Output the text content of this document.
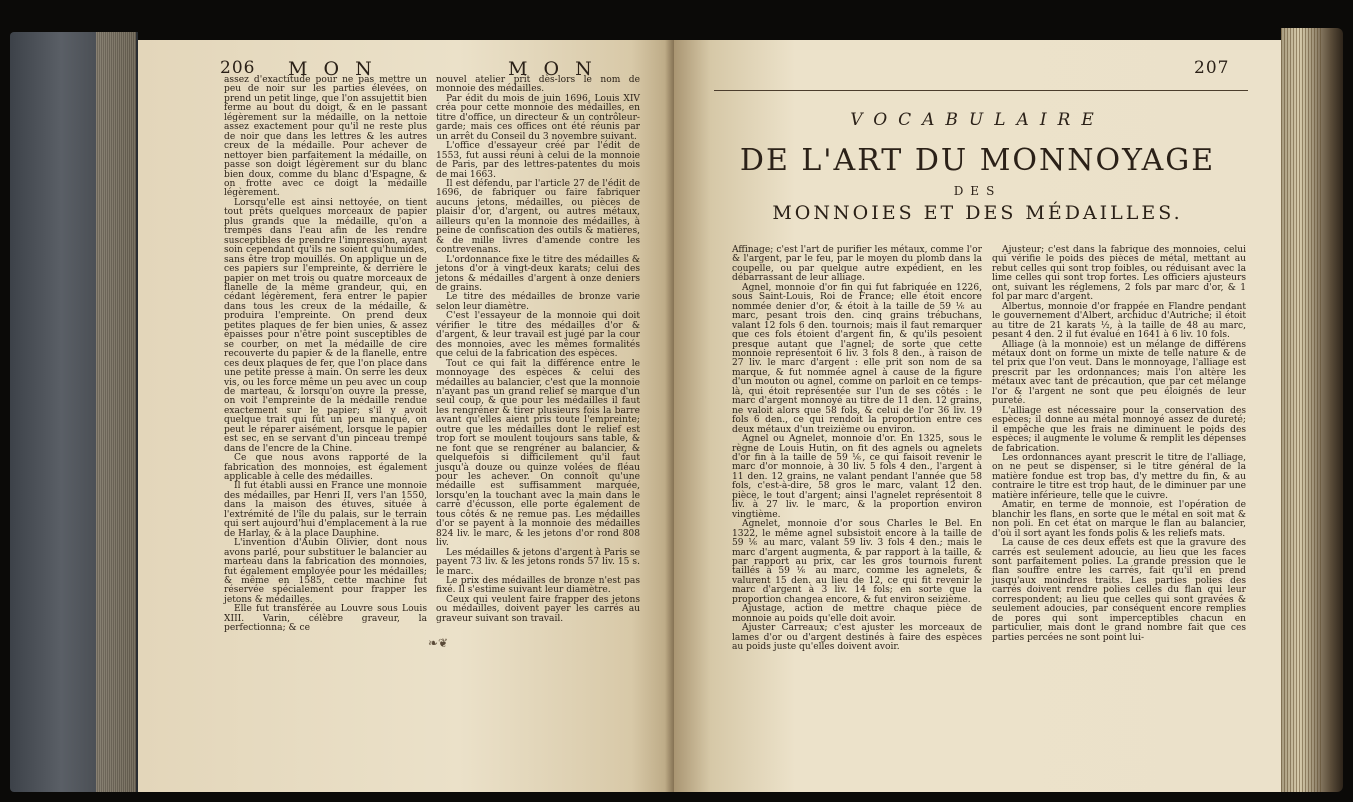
206 M O N	M O N

assez d'exactitude pour ne pas mettre un peu de noir sur les parties élevées, on prend un petit linge, que l'on assujettit bien ferme au bout du doigt, & en le passant légèrement sur la médaille, on la nettoie assez exactement pour qu'il ne reste plus de noir que dans les lettres & les autres creux de la médaille. Pour achever de nettoyer bien parfaitement la médaille, on passe son doigt légèrement sur du blanc bien doux, comme du blanc d'Espagne, & on frotte avec ce doigt la médaille légèrement.

Lorsqu'elle est ainsi nettoyée, on tient tout prêts quelques morceaux de papier plus grands que la médaille, qu'on a trempés dans l'eau afin de les rendre susceptibles de prendre l'impression, ayant soin cependant qu'ils ne soient qu'humides, sans être trop mouillés. On applique un de ces papiers sur l'empreinte, & derrière le papier on met trois ou quatre morceaux de flanelle de la même grandeur, qui, en cédant légèrement, fera entrer le papier dans tous les creux de la médaille, & produira l'empreinte. On prend deux petites plaques de fer bien unies, & assez épaisses pour n'être point susceptibles de se courber, on met la médaille de cire recouverte du papier & de la flanelle, entre ces deux plaques de fer, que l'on place dans une petite presse à main. On serre les deux vis, ou les force même un peu avec un coup de marteau, & lorsqu'on ouvre la presse, on voit l'empreinte de la médaille rendue exactement sur le papier; s'il y avoit quelque trait qui fût un peu manqué, on peut le réparer aisément, lorsque le papier est sec, en se servant d'un pinceau trempé dans de l'encre de la Chine.

Ce que nous avons rapporté de la fabrication des monnoies, est également applicable à celle des médailles.

Il fut établi aussi en France une monnoie des médailles, par Henri II, vers l'an 1550, dans la maison des étuves, située à l'extrémité de l'île du palais, sur le terrain qui sert aujourd'hui d'emplacement à la rue de Harlay, & à la place Dauphine.

L'invention d'Aubin Olivier, dont nous avons parlé, pour substituer le balancier au marteau dans la fabrication des monnoies, fut également employée pour les médailles; & même en 1585, cette machine fut réservée spécialement pour frapper les jetons & médailles.

Elle fut transférée au Louvre sous Louis XIII. Varin, célèbre graveur, la perfectionna; & ce

nouvel atelier prit dès-lors le nom de monnoie des médailles.

Par édit du mois de juin 1696, Louis XIV créa pour cette monnoie des médailles, en titre d'office, un directeur & un contrôleur-garde; mais ces offices ont été réunis par un arrêt du Conseil du 3 novembre suivant.

L'office d'essayeur créé par l'édit de 1553, fut aussi réuni à celui de la monnoie de Paris, par des lettres-patentes du mois de mai 1663.

Il est défendu, par l'article 27 de l'édit de 1696, de fabriquer ou faire fabriquer aucuns jetons, médailles, ou pièces de plaisir d'or, d'argent, ou autres métaux, ailleurs qu'en la monnoie des médailles, à peine de confiscation des outils & matières, & de mille livres d'amende contre les contrevenans.

L'ordonnance fixe le titre des médailles & jetons d'or à vingt-deux karats; celui des jetons & médailles d'argent à onze deniers de grains.

Le titre des médailles de bronze varie selon leur diamètre.

C'est l'essayeur de la monnoie qui doit vérifier le titre des médailles d'or & d'argent, & leur travail est jugé par la cour des monnoies, avec les mêmes formalités que celui de la fabrication des espèces.

Tout ce qui fait la différence entre le monnoyage des espèces & celui des médailles au balancier, c'est que la monnoie n'ayant pas un grand relief se marque d'un seul coup, & que pour les médailles il faut les rengréner & tirer plusieurs fois la barre avant qu'elles aient pris toute l'empreinte; outre que les médailles dont le relief est trop fort se moulent toujours sans table, & ne font que se rengréner au balancier, & quelquefois si difficilement qu'il faut jusqu'à douze ou quinze volées de fléau pour les achever. On connoît qu'une médaille est suffisamment marquée, lorsqu'en la touchant avec la main dans le carré d'écusson, elle porte également de tous côtés & ne remue pas. Les médailles d'or se payent à la monnoie des médailles 824 liv. le marc, & les jetons d'or rond 808 liv.

Les médailles & jetons d'argent à Paris se payent 73 liv. & les jetons ronds 57 liv. 15 s. le marc.

Le prix des médailles de bronze n'est pas fixé. Il s'estime suivant leur diamètre.

Ceux qui veulent faire frapper des jetons ou médailles, doivent payer les carrés au graveur suivant son travail.

❧❦
207
VOCABULAIRE
DE L'ART DU MONNOYAGE
DES
MONNOIES ET DES MÉDAILLES.

Affinage; c'est l'art de purifier les métaux, comme l'or & l'argent, par le feu, par le moyen du plomb dans la coupelle, ou par quelque autre expédient, en les débarrassant de leur alliage.

Agnel, monnoie d'or fin qui fut fabriquée en 1226, sous Saint-Louis, Roi de France; elle étoit encore nommée denier d'or, & étoit à la taille de 59 ⅙ au marc, pesant trois den. cinq grains trébuchans, valant 12 fols 6 den. tournois; mais il faut remarquer que ces fols étoient d'argent fin, & qu'ils pesoient presque autant que l'agnel; de sorte que cette monnoie représentoit 6 liv. 3 fols 8 den., à raison de 27 liv. le marc d'argent : elle prit son nom de sa marque, & fut nommée agnel à cause de la figure d'un mouton ou agnel, comme on parloit en ce temps-là, qui étoit représentée sur l'un de ses côtés : le marc d'argent monnoyé au titre de 11 den. 12 grains, ne valoit alors que 58 fols, & celui de l'or 36 liv. 19 fols 6 den., ce qui rendoit la proportion entre ces deux métaux d'un treizième ou environ.

Agnel ou Agnelet, monnoie d'or. En 1325, sous le règne de Louis Hutin, on fit des agnels ou agnelets d'or fin à la taille de 59 ⅙, ce qui faisoit revenir le marc d'or monnoie, à 30 liv. 5 fols 4 den., l'argent à 11 den. 12 grains, ne valant pendant l'année que 58 fols, c'est-à-dire, 58 gros le marc, valant 12 den. pièce, le tout d'argent; ainsi l'agnelet représentoit 8 liv. à 27 liv. le marc, & la proportion environ vingtième.

Agnelet, monnoie d'or sous Charles le Bel. En 1322, le même agnel subsistoit encore à la taille de 59 ⅙ au marc, valant 59 liv. 3 fols 4 den.; mais le marc d'argent augmenta, & par rapport à la taille, & par rapport au prix, car les gros tournois furent taillés à 59 ⅙ au marc, comme les agnelets, & valurent 15 den. au lieu de 12, ce qui fit revenir le marc d'argent à 3 liv. 14 fols; en sorte que la proportion changea encore, & fut environ seizième.

Ajustage, action de mettre chaque pièce de monnoie au poids qu'elle doit avoir.

Ajuster Carreaux; c'est ajuster les morceaux de lames d'or ou d'argent destinés à faire des espèces au poids juste qu'elles doivent avoir.

Ajusteur; c'est dans la fabrique des monnoies, celui qui vérifie le poids des pièces de métal, mettant au rebut celles qui sont trop foibles, ou réduisant avec la lime celles qui sont trop fortes. Les officiers ajusteurs ont, suivant les réglemens, 2 fols par marc d'or, & 1 fol par marc d'argent.

Albertus, monnoie d'or frappée en Flandre pendant le gouvernement d'Albert, archiduc d'Autriche; il étoit au titre de 21 karats ½, à la taille de 48 au marc, pesant 4 den. 2 il fut évalué en 1641 à 6 liv. 10 fols.

Alliage (à la monnoie) est un mélange de différens métaux dont on forme un mixte de telle nature & de tel prix que l'on veut. Dans le monnoyage, l'alliage est prescrit par les ordonnances; mais l'on altère les métaux avec tant de précaution, que par cet mélange l'or & l'argent ne sont que peu éloignés de leur pureté.

L'alliage est nécessaire pour la conservation des espèces; il donne au métal monnoyé assez de dureté; il empêche que les frais ne diminuent le poids des espèces; il augmente le volume & remplit les dépenses de fabrication.

Les ordonnances ayant prescrit le titre de l'alliage, on ne peut se dispenser, si le titre général de la matière fondue est trop bas, d'y mettre du fin, & au contraire le titre est trop haut, de le diminuer par une matière inférieure, telle que le cuivre.

Amatir, en terme de monnoie, est l'opération de blanchir les flans, en sorte que le métal en soit mat & non poli. En cet état on marque le flan au balancier, d'où il sort ayant les fonds polis & les reliefs mats.

La cause de ces deux effets est que la gravure des carrés est seulement adoucie, au lieu que les faces sont parfaitement polies. La grande pression que le flan souffre entre les carrés, fait qu'il en prend jusqu'aux moindres traits. Les parties polies des carrés doivent rendre polies celles du flan qui leur correspondent; au lieu que celles qui sont gravées & seulement adoucies, par conséquent encore remplies de pores qui sont imperceptibles chacun en particulier, mais dont le grand nombre fait que ces parties percées ne sont point lui-
